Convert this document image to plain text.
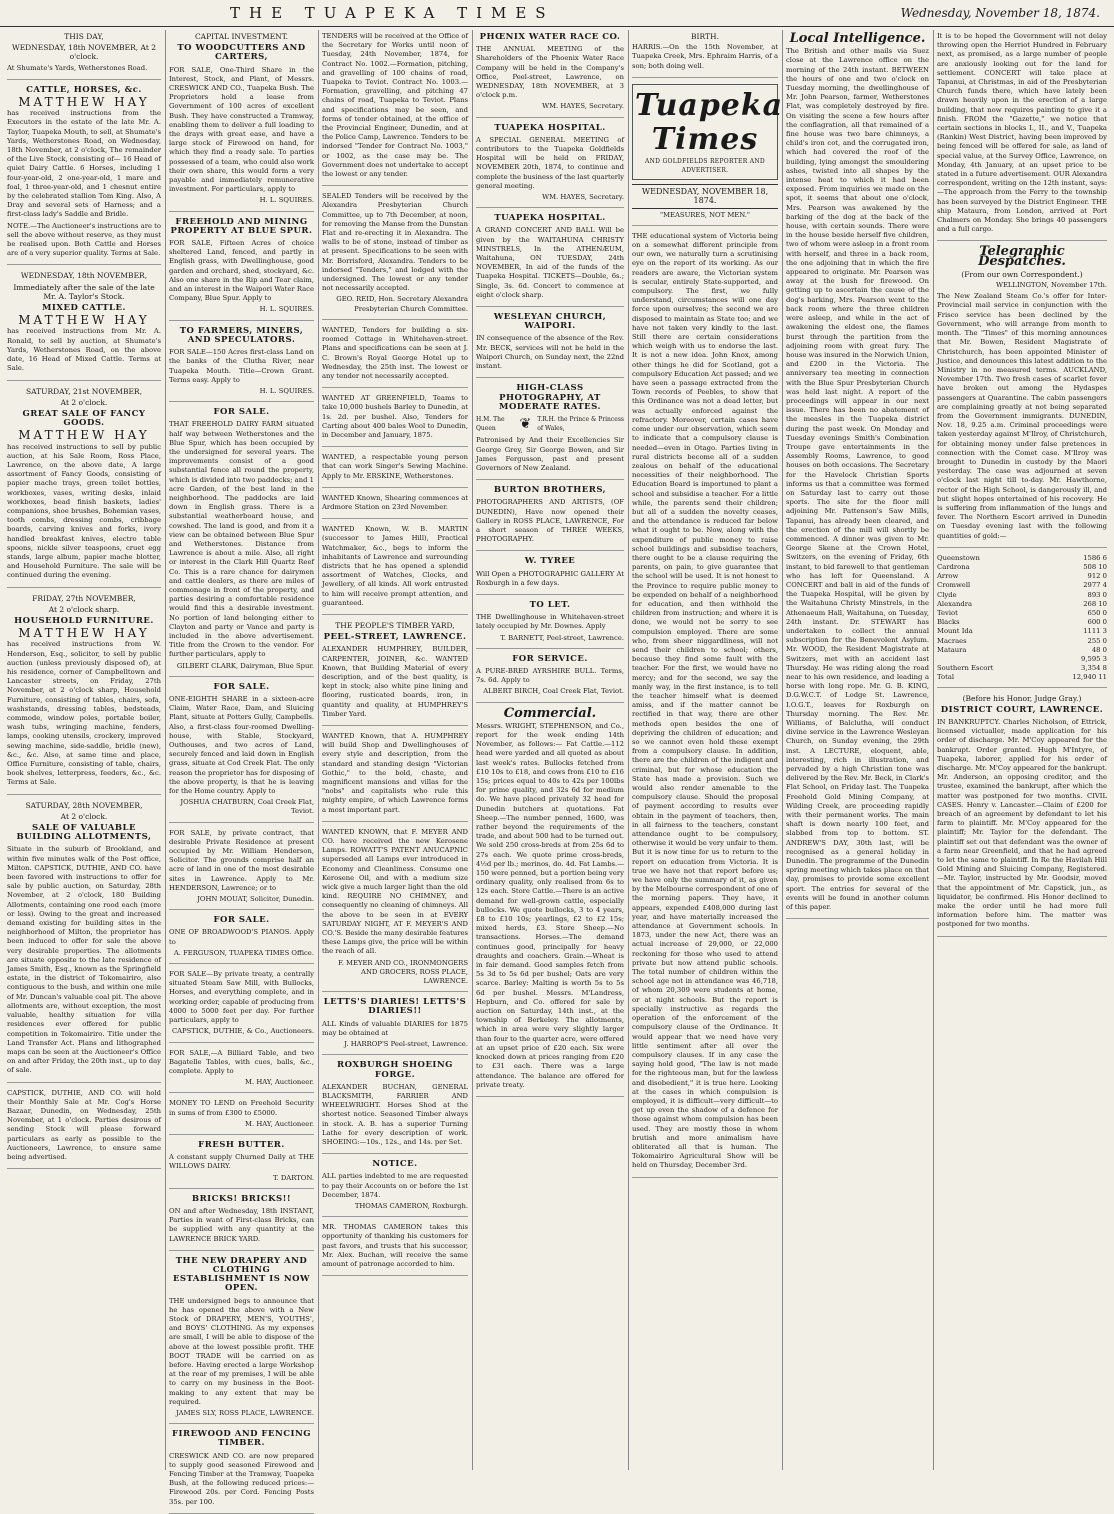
THE TUAPEKA TIMES	Wednesday, November 18, 1874.
THIS DAY,
WEDNESDAY, 18th NOVEMBER, At 2 o'clock.
At Shumate's Yards, Wetherstones Road.
CATTLE, HORSES, &c.
MATTHEW HAY
has received instructions from the Executors in the estate of the late Mr. A. Taylor, Tuapeka Mouth, to sell, at Shumate's Yards, Wetherstones Road, on Wednesday, 18th November, at 2 o'clock, The remainder of the Live Stock, consisting of— 16 Head of quiet Dairy Cattle. 6 Horses, including 1 four-year-old, 2 one-year-old, 1 mare and foal, 1 three-year-old, and 1 chesnut entire by the celebrated stallion Tom King. Also, A Dray and several sets of Harness; and a first-class lady's Saddle and Bridle.
NOTE.—The Auctioneer's instructions are to sell the above without reserve, as they must be realised upon. Both Cattle and Horses are of a very superior quality. Terms at Sale.
WEDNESDAY, 18th NOVEMBER,
Immediately after the sale of the late Mr. A. Taylor's Stock.
MIXED CATTLE.
MATTHEW HAY
has received instructions from Mr. A. Ronald, to sell by auction, at Shumate's Yards, Wetherstones Road, on the above date, 16 Head of Mixed Cattle. Terms at Sale.
SATURDAY, 21st NOVEMBER,
At 2 o'clock.
GREAT SALE OF FANCY GOODS.
MATTHEW HAY
has received instructions to sell by public auction, at his Sale Room, Ross Place, Lawrence, on the above date, A large assortment of Fancy Goods, consisting of papier mache trays, green toilet bottles, workboxes, vases, writing desks, inlaid workboxes, bead finish baskets, ladies' companions, shoe brushes, Bohemian vases, tooth combs, dressing combs, cribbage boards, carving knives and forks, ivory handled breakfast knives, electro table spoons, nickle silver teaspoons, cruet egg stands, large album, papier mache blotter, and Household Furniture. The sale will be continued during the evening.
FRIDAY, 27th NOVEMBER,
At 2 o'clock sharp.
HOUSEHOLD FURNITURE.
MATTHEW HAY
has received instructions from W. Henderson, Esq., solicitor, to sell by public auction (unless previously disposed of), at his residence, corner of Campbelltown and Lancaster streets, on Friday, 27th November, at 2 o'clock sharp, Household Furniture, consisting of tables, chairs, sofa, washstands, dressing tables, bedsteads, commode, window poles, portable boiler, wash tubs, wringing machine, fenders, lamps, cooking utensils, crockery, improved sewing machine, side-saddle, bridle (new), &c., &c. Also, at same time and place, Office Furniture, consisting of table, chairs, book shelves, letterpress, feeders, &c., &c. Terms at Sale.
SATURDAY, 28th NOVEMBER,
At 2 o'clock.
SALE OF VALUABLE BUILDING ALLOTMENTS,
Situate in the suburb of Brookland, and within five minutes walk of the Post office, Milton. CAPSTICK, DUTHIE, AND CO. have been favored with instructions to offer for sale by public auction, on Saturday, 28th November, at 2 o'clock, 180 Building Allotments, containing one rood each (more or less). Owing to the great and increased demand existing for building sites in the neighborhood of Milton, the proprietor has been induced to offer for sale the above very desirable properties. The allotments are situate opposite to the late residence of James Smith, Esq., known as the Springfield estate, in the district of Tokomairiro, also contiguous to the bush, and within one mile of Mr. Duncan's valuable coal pit. The above allotments are, without exception, the most valuable, healthy situation for villa residences ever offered for public competition in Tokomairiro. Title under the Land Transfer Act. Plans and lithographed maps can be seen at the Auctioneer's Office on and after Friday, the 20th inst., up to day of sale.
CAPSTICK, DUTHIE, AND CO. will hold their Monthly Sale at Mr. Cog's Horse Bazaar, Dunedin, on Wednesday, 25th November, at 1 o'clock. Parties desirous of sending Stock will please forward particulars as early as possible to the Auctioneers, Lawrence, to ensure same being advertised.
CAPITAL INVESTMENT.
TO WOODCUTTERS AND CARTERS,
FOR SALE, One-Third Share in the Interest, Stock, and Plant, of Messrs. CRESWICK AND CO., Tuapeka Bush. The Proprietors hold a lease from Government of 100 acres of excellent Bush. They have constructed a Tramway, enabling them to deliver a full loading to the drays with great ease, and have a large stock of Firewood on hand, for which they find a ready sale. To parties possessed of a team, who could also work their own share, this would form a very payable and immediately remunerative investment. For particulars, apply to
H. L. SQUIRES.
FREEHOLD AND MINING PROPERTY AT BLUE SPUR.
FOR SALE, Fifteen Acres of choice sheltered Land, fenced, and partly in English grass, with Dwellinghouse, good garden and orchard, shed, stockyard, &c. Also one share in the Rip and Tear claim, and an interest in the Waipori Water Race Company, Blue Spur. Apply to
H. L. SQUIRES.
TO FARMERS, MINERS, AND SPECULATORS.
FOR SALE—150 Acres first-class Land on the banks of the Clutha River, near Tuapeka Mouth. Title—Crown Grant. Terms easy. Apply to
H. L. SQUIRES.
FOR SALE.
THAT FREEHOLD DAIRY FARM situated half way between Wetherstones and the Blue Spur, which has been occupied by the undersigned for several years. The improvements consist of a good substantial fence all round the property, which is divided into two paddocks; and 1 acre Garden, of the best land in the neighborhood. The paddocks are laid down in English grass. There is a substantial weatherboard house, and cowshed. The land is good, and from it a view can be obtained between Blue Spur and Wetherstones. Distance from Lawrence is about a mile. Also, all right or interest in the Clark Hill Quartz Reef Co. This is a rare chance for dairymen and cattle dealers, as there are miles of commonage in front of the property, and parties desiring a comfortable residence would find this a desirable investment. No portion of land belonging either to Clayton and party or Vance and party is included in the above advertisement. Title from the Crown to the vendor. For further particulars, apply to
GILBERT CLARK, Dairyman, Blue Spur.
FOR SALE.
ONE-EIGHTH SHARE in a sixteen-acre Claim, Water Race, Dam, and Sluicing Plant, situate at Potters Gully, Campbells. Also, a first-class four-roomed Dwelling-house, with Stable, Stockyard, Outhouses, and two acres of Land, securely fenced and laid down in English grass, situate at Cod Creek Flat. The only reason the proprietor has for disposing of the above property, is that he is leaving for the Home country. Apply to
JOSHUA CHATBURN, Coal Creek Flat, Teviot.
FOR SALE, by private contract, that desirable Private Residence at present occupied by Mr. William Henderson, Solicitor. The grounds comprise half an acre of land in one of the most desirable sites in Lawrence. Apply to Mr. HENDERSON, Lawrence; or to
JOHN MOUAT, Solicitor, Dunedin.
FOR SALE.
ONE OF BROADWOOD'S PIANOS. Apply to
A. FERGUSON, TUAPEKA TIMES Office.
FOR SALE—By private treaty, a centrally situated Steam Saw Mill, with Bullocks, Horses, and everything complete, and in working order, capable of producing from 4000 to 5000 feet per day. For further particulars, apply to
CAPSTICK, DUTHIE, & Co., Auctioneers.
FOR SALE,—A Billiard Table, and two Bagatelle Tables, with cues, balls, &c., complete. Apply to
M. HAY, Auctioneer.
MONEY TO LEND on Freehold Security in sums of from £300 to £5000.
M. HAY, Auctioneer.
FRESH BUTTER.
A constant supply Churned Daily at THE WILLOWS DAIRY.
T. DARTON.
BRICKS! BRICKS!!
ON and after Wednesday, 18th INSTANT, Parties in want of First-class Bricks, can be supplied with any quantity at the LAWRENCE BRICK YARD.
THE NEW DRAPERY AND CLOTHING ESTABLISHMENT IS NOW OPEN.
THE undersigned begs to announce that he has opened the above with a New Stock of DRAPERY, MEN'S, YOUTHS', and BOYS' CLOTHING. As my expenses are small, I will be able to dispose of the above at the lowest possible profit. THE BOOT TRADE will be carried on as before. Having erected a large Workshop at the rear of my premises, I will be able to carry on my business in the Boot-making to any extent that may be required.
JAMES SLY, ROSS PLACE, LAWRENCE.
FIREWOOD AND FENCING TIMBER.
CRESWICK AND CO. are now prepared to supply good seasoned Firewood and Fencing Timber at the Tramway, Tuapeka Bush, at the following reduced prices:— Firewood 20s. per Cord. Fencing Posts 35s. per 100.
TENDERS will be received at the Office of the Secretary for Works until noon of Tuesday, 24th November, 1874, for Contract No. 1002.—Formation, pitching, and gravelling of 100 chains of road, Tuapeka to Teviot. Contract No. 1003.—Formation, gravelling, and pitching 47 chains of road, Tuapeka to Teviot. Plans and specifications may be seen, and forms of tender obtained, at the office of the Provincial Engineer, Dunedin, and at the Police Camp, Lawrence. Tenders to be indorsed "Tender for Contract No. 1003," or 1002, as the case may be. The Government does not undertake to accept the lowest or any tender.
SEALED Tenders will be received by the Alexandra Presbyterian Church Committee, up to 7th December, at noon, for removing the Manse from the Dunstan Flat and re-erecting it in Alexandra. The walls to be of stone, instead of timber as at present. Specifications to be seen with Mr. Borrisford, Alexandra. Tenders to be indorsed "Tenders," and lodged with the undersigned. The lowest or any tender not necessarily accepted.
GEO. REID, Hon. Secretary Alexandra Presbyterian Church Committee.
WANTED, Tenders for building a six-roomed Cottage in Whitehaven-street. Plans and specifications can be seen at J. C. Brown's Royal George Hotel up to Wednesday, the 25th inst. The lowest or any tender not necessarily accepted.
WANTED AT GREENFIELD, Teams to take 10,000 bushels Barley to Dunedin, at 1s. 2d. per bushel. Also, Tenders for Carting about 400 bales Wool to Dunedin, in December and January, 1875.
WANTED, a respectable young person that can work Singer's Sewing Machine. Apply to Mr. ERSKINE, Wetherstones.
WANTED Known, Shearing commences at Ardmore Station on 23rd November.
WANTED Known, W. B. MARTIN (successor to James Hill), Practical Watchmaker, &c., begs to inform the inhabitants of Lawrence and surrounding districts that he has opened a splendid assortment of Watches, Clocks, and Jewellery, of all kinds. All work entrusted to him will receive prompt attention, and guaranteed.
THE PEOPLE'S TIMBER YARD,
PEEL-STREET, LAWRENCE.
ALEXANDER HUMPHREY, BUILDER, CARPENTER, JOINER, &c. WANTED Known, that Building Material of every description, and of the best quality, is kept in stock; also white pine lining and flooring, rusticated boards, iron, in quantity and quality, at HUMPHREY'S Timber Yard.
WANTED Known, that A. HUMPHREY will build Shop and Dwellinghouses of every style and description, from the standard and standing design "Victorian Gothic," to the bold, chaste, and magnificent mansions and villas for the "nobs" and capitalists who rule this mighty empire, of which Lawrence forms a most important part.
WANTED KNOWN, that F. MEYER AND CO. have received the new Kerosene Lamps. ROWATT'S PATENT ANUCAPNIC superseded all Lamps ever introduced in Economy and Cleanliness. Consume one Kerosene Oil, and with a medium size wick give a much larger light than the old kind. REQUIRE NO CHIMNEY, and consequently no cleaning of chimneys. All the above to be seen in at EVERY SATURDAY NIGHT, AT F. MEYER'S AND CO.'S. Beside the many desirable features these Lamps give, the price will be within the reach of all.
F. MEYER AND CO., IRONMONGERS AND GROCERS, ROSS PLACE, LAWRENCE.
LETTS'S DIARIES! LETTS'S DIARIES!!
ALL Kinds of valuable DIARIES for 1875 may be obtained at
J. HARROP'S Peel-street, Lawrence.
ROXBURGH SHOEING FORGE.
ALEXANDER BUCHAN, GENERAL BLACKSMITH, FARRIER AND WHEELWRIGHT. Horses Shod at the shortest notice. Seasoned Timber always in stock. A. B. has a superior Turning Lathe for every description of work. SHOEING:—10s., 12s., and 14s. per Set.
NOTICE.
ALL parties indebted to me are requested to pay their Accounts on or before the 1st December, 1874.
THOMAS CAMERON, Roxburgh.
MR. THOMAS CAMERON takes this opportunity of thanking his customers for past favors, and trusts that his successor, Mr. Alex. Buchan, will receive the same amount of patronage accorded to him.
PHŒNIX WATER RACE CO.
THE ANNUAL MEETING of the Shareholders of the Phoenix Water Race Company will be held in the Company's Office, Peel-street, Lawrence, on WEDNESDAY, 18th NOVEMBER, at 3 o'clock p.m.
WM. HAYES, Secretary.
TUAPEKA HOSPITAL.
A SPECIAL GENERAL MEETING of contributors to the Tuapeka Goldfields Hospital will be held on FRIDAY, NOVEMBER 20th, 1874, to continue and complete the business of the last quarterly general meeting.
WM. HAYES, Secretary.
TUAPEKA HOSPITAL.
A GRAND CONCERT AND BALL Will be given by the WAITAHUNA CHRISTY MINSTRELS, In the ATHENÆUM, Waitahuna, ON TUESDAY, 24th NOVEMBER, In aid of the funds of the Tuapeka Hospital. TICKETS—Double, 6s.; Single, 3s. 6d. Concert to commence at eight o'clock sharp.
WESLEYAN CHURCH, WAIPORI.
IN consequence of the absence of the Rev. Mr. BECK, services will not be held in the Waipori Church, on Sunday next, the 22nd instant.
HIGH-CLASS PHOTOGRAPHY, AT MODERATE RATES.
H.M. The Queen	❦ T.R.H. the Prince & Princess of Wales,
Patronised by And their Excellencies Sir George Grey, Sir George Bowen, and Sir James Fergusson, past and present Governors of New Zealand.
BURTON BROTHERS,
PHOTOGRAPHERS AND ARTISTS, (OF DUNEDIN), Have now opened their Gallery in ROSS PLACE, LAWRENCE, For a short season of THREE WEEKS, PHOTOGRAPHY.
W. TYREE
Will Open a PHOTOGRAPHIC GALLERY At Roxburgh in a few days.
TO LET.
THE Dwellinghouse in Whitehaven-street lately occupied by Mr. Downes. Apply
T. BARNETT, Peel-street, Lawrence.
FOR SERVICE.
A PURE-BRED AYRSHIRE BULL. Terms, 7s. 6d. Apply to
ALBERT BIRCH, Coal Creek Flat, Teviot.
Commercial.
Messrs. WRIGHT, STEPHENSON, and Co., report for the week ending 14th November, as follows:— Fat Cattle.—112 head were yarded and all quoted as about last week's rates. Bullocks fetched from £10 10s to £18, and cows from £10 to £16 15s; prices equal to 40s to 42s per 100lbs for prime quality, and 32s 6d for medium do. We have placed privately 32 head for Dunedin butchers at quotations. Fat Sheep.—The number penned, 1600, was rather beyond the requirements of the trade, and about 500 had to be turned out. We sold 250 cross-breds at from 25s 6d to 27s each. We quote prime cross-breds, 4½d per lb.; merinos, do. 4d. Fat Lambs.—150 were penned, but a portion being very ordinary quality, only realised from 6s to 12s each. Store Cattle.—There is an active demand for well-grown cattle, especially bullocks. We quote bullocks, 3 to 4 years, £8 to £10 10s; yearlings, £2 to £2 15s; mixed herds, £3. Store Sheep.—No transactions. Horses.—The demand continues good, principally for heavy draughts and coachers. Grain.—Wheat is in fair demand. Good samples fetch from 5s 3d to 5s 6d per bushel; Oats are very scarce. Barley: Malting is worth 5s to 5s 6d per bushel. Messrs. M'Landress, Hepburn, and Co. offered for sale by auction on Saturday, 14th inst., at the township of Berkeley. The allotments, which in area were very slightly larger than four to the quarter acre, were offered at an upset price of £20 each. Six were knocked down at prices ranging from £20 to £31 each. There was a large attendance. The balance are offered for private treaty.
BIRTH.
HARRIS.—On the 15th November, at Tuapeka Creek, Mrs. Ephraim Harris, of a son; both doing well.
Tuapeka Times
AND GOLDFIELDS REPORTER AND ADVERTISER.
WEDNESDAY, NOVEMBER 18, 1874.
"MEASURES, NOT MEN."
THE educational system of Victoria being on a somewhat different principle from our own, we naturally turn a scrutinising eye on the report of its working. As our readers are aware, the Victorian system is secular, entirely State-supported, and compulsory. The first, we fully understand, circumstances will one day force upon ourselves; the second we are disposed to maintain as State too; and we have not taken very kindly to the last. Still there are certain considerations which weigh with us to endorse the last. It is not a new idea. John Knox, among other things he did for Scotland, got a compulsory Education Act passed; and we have seen a passage extracted from the Town records of Peebles, to show that this Ordinance was not a dead letter, but was actually enforced against the refractory. Moreover, certain cases have come under our observation, which seem to indicate that a compulsory clause is needed—even in Otago. Parties living in rural districts become all of a sudden zealous on behalf of the educational necessities of their neighborhood. The Education Board is importuned to plant a school and subsidise a teacher. For a little while, the parents send their children; but all of a sudden the novelty ceases, and the attendance is reduced far below what it ought to be. Now, along with the expenditure of public money to raise school buildings and subsidise teachers, there ought to be a clause requiring the parents, on pain, to give guarantee that the school will be used. It is not honest to the Province to require public money to be expended on behalf of a neighborhood for education, and then withhold the children from instruction; and where it is done, we would not be sorry to see compulsion employed. There are some who, from sheer niggardliness, will not send their children to school; others, because they find some fault with the teacher. For the first, we would have no mercy; and for the second, we say the manly way, in the first instance, is to tell the teacher himself what is deemed amiss, and if the matter cannot be rectified in that way, there are other methods open besides the one of depriving the children of education; and so we cannot even hold these exempt from a compulsory clause. In addition, there are the children of the indigent and criminal, but for whose education the State has made a provision. Such we would also render amenable to the compulsory clause. Should the proposal of payment according to results ever obtain in the payment of teachers, then, in all fairness to the teachers, constant attendance ought to be compulsory, otherwise it would be very unfair to them. But it is now time for us to return to the report on education from Victoria. It is true we have not that report before us; we have only the summary of it, as given by the Melbourne correspondent of one of the morning papers. They have, it appears, expended £408,000 during last year, and have materially increased the attendance at Government schools. In 1873, under the new Act, there was an actual increase of 29,000, or 22,000 reckoning for those who used to attend private but now attend public schools. The total number of children within the school age not in attendance was 46,718, of whom 20,309 were students at home, or at night schools. But the report is specially instructive as regards the operation of the enforcement of the compulsory clause of the Ordinance. It would appear that we need have very little sentiment after all over the compulsory clauses. If in any case the saying hold good, "The law is not made for the righteous man, but for the lawless and disobedient," it is true here. Looking at the cases in which compulsion is employed, it is difficult—very difficult—to get up even the shadow of a defence for those against whom compulsion has been used. They are mostly those in whom brutish and more animalism have obliterated all that is human. The Tokomairiro Agricultural Show will be held on Thursday, December 3rd.
Local Intelligence.
The British and other mails via Suez close at the Lawrence office on the morning of the 24th instant. BETWEEN the hours of one and two o'clock on Tuesday morning, the dwellinghouse of Mr. John Pearson, farmer, Wetherstones Flat, was completely destroyed by fire. On visiting the scene a few hours after the conflagration, all that remained of a fine house was two bare chimneys, a child's iron cot, and the corrugated iron, which had covered the roof of the building, lying amongst the smouldering ashes, twisted into all shapes by the intense heat to which it had been exposed. From inquiries we made on the spot, it seems that about one o'clock, Mrs. Pearson was awakened by the barking of the dog at the back of the house, with certain sounds. There were in the house beside herself five children, two of whom were asleep in a front room with herself, and three in a back room, the one adjoining that in which the fire appeared to originate. Mr. Pearson was away at the bush for firewood. On getting up to ascertain the cause of the dog's barking, Mrs. Pearson went to the back room where the three children were asleep, and while in the act of awakening the eldest one, the flames burst through the partition from the adjoining room with great fury. The house was insured in the Norwich Union, and £200 in the Victoria. The anniversary tea meeting in connection with the Blue Spur Presbyterian Church was held last night. A report of the proceedings will appear in our next issue. There has been no abatement of the measles in the Tuapeka district during the past week. On Monday and Tuesday evenings Smith's Combination Troupe gave entertainments in the Assembly Rooms, Lawrence, to good houses on both occasions. The Secretary for the Havelock Christian Sports informs us that a committee was formed on Saturday last to carry out those sports. The site for the floor mill adjoining Mr. Pattenson's Saw Mills, Tapanui, has already been cleared, and the erection of the mill will shortly be commenced. A dinner was given to Mr. George Skene at the Crown Hotel, Switzers, on the evening of Friday, 6th instant, to bid farewell to that gentleman who has left for Queensland. A CONCERT and ball in aid of the funds of the Tuapeka Hospital, will be given by the Waitahuna Christy Minstrels, in the Athenaeum Hall, Waitahuna, on Tuesday, 24th instant. Dr. STEWART has undertaken to collect the annual subscription for the Benevolent Asylum. Mr. WOOD, the Resident Magistrate at Switzers, met with an accident last Thursday. He was riding along the road near to his own residence, and leading a horse with long rope. Mr. G. B. KING, D.G.W.C.T. of Lodge St. Lawrence, I.O.G.T., leaves for Roxburgh on Thursday morning. The Rev. Mr. Williams, of Balclutha, will conduct divine service in the Lawrence Wesleyan Church, on Sunday evening, the 29th inst. A LECTURE, eloquent, able, interesting, rich in illustration, and pervaded by a high Christian tone was delivered by the Rev. Mr. Beck, in Clark's Flat School, on Friday last. The Tuapeka Freehold Gold Mining Company, at Wilding Creek, are proceeding rapidly with their permanent works. The main shaft is down nearly 100 feet, and slabbed from top to bottom. ST. ANDREW'S DAY, 30th last, will be recognised as a general holiday in Dunedin. The programme of the Dunedin spring meeting which takes place on that day, promises to provide some excellent sport. The entries for several of the events will be found in another column of this paper.
It is to be hoped the Government will not delay throwing open the Herriot Hundred in February next, as promised, as a large number of people are anxiously looking out for the land for settlement. CONCERT will take place at Tapanui, at Christmas, in aid of the Presbyterian Church funds there, which have lately been drawn heavily upon in the erection of a large building, that now requires painting to give it a finish. FROM the "Gazette," we notice that certain sections in blocks I., II., and V., Tuapeka (Rankin) West District, having been improved by being fenced will be offered for sale, as land of special value, at the Survey Office, Lawrence, on Monday, 4th January, at an upset price to be stated in a future advertisement. OUR Alexandra correspondent, writing on the 12th instant, says:—The approach from the Ferry to the township has been surveyed by the District Engineer. THE ship Mataura, from London, arrived at Port Chalmers on Monday. She brings 40 passengers and a full cargo.
Telegraphic Despatches.
(From our own Correspondent.)
WELLINGTON, November 17th.
The New Zealand Steam Co.'s offer for Inter-Provincial mail service in conjunction with the Frisco service has been declined by the Government, who will arrange from month to month. The "Times" of this morning announces that Mr. Bowen, Resident Magistrate of Christchurch, has been appointed Minister of Justice, and denounces this latest addition to the Ministry in no measured terms. AUCKLAND, November 17th. Two fresh cases of scarlet fever have broken out among the Hydaspes passengers at Quarantine. The cabin passengers are complaining greatly at not being separated from the Government immigrants. DUNEDIN, Nov. 18, 9.25 a.m. Criminal proceedings were taken yesterday against M'Ilroy, of Christchurch, for obtaining money under false pretences in connection with the Comet case. M'Ilroy was brought to Dunedin in custody by the Maori yesterday. The case was adjourned at seven o'clock last night till to-day. Mr. Hawthorne, rector of the High School, is dangerously ill, and but slight hopes entertained of his recovery. He is suffering from inflammation of the lungs and fever. The Northern Escort arrived in Dunedin on Tuesday evening last with the following quantities of gold:—
Queenstown	1586 6
Cardrona	508 10
Arrow	912 0
Cromwell	2977 4
Clyde	893 0
Alexandra	268 10
Teviot	650 0
Blacks	600 0
Mount Ida	1111 3
Macraes	255 0
Mataura	48 0
9,595 3
Southern Escort	3,354 8
Total	12,940 11
(Before his Honor, Judge Gray.)
DISTRICT COURT, LAWRENCE.
IN BANKRUPTCY. Charles Nicholson, of Ettrick, licensed victualler, made application for his order of discharge. Mr. M'Coy appeared for the bankrupt. Order granted. Hugh M'Intyre, of Tuapeka, laborer, applied for his order of discharge. Mr. M'Coy appeared for the bankrupt. Mr. Anderson, an opposing creditor, and the trustee, examined the bankrupt, after which the matter was postponed for two months. CIVIL CASES. Henry v. Lancaster.—Claim of £200 for breach of an agreement by defendant to let his farm to plaintiff. Mr. M'Coy appeared for the plaintiff; Mr. Taylor for the defendant. The plaintiff set out that defendant was the owner of a farm near Greenfield, and that he had agreed to let the same to plaintiff. In Re the Havilah Hill Gold Mining and Sluicing Company, Registered.—Mr. Taylor, instructed by Mr. Goodsir, moved that the appointment of Mr. Capstick, jun., as liquidator, be confirmed. His Honor declined to make the order until he had more full information before him. The matter was postponed for two months.
